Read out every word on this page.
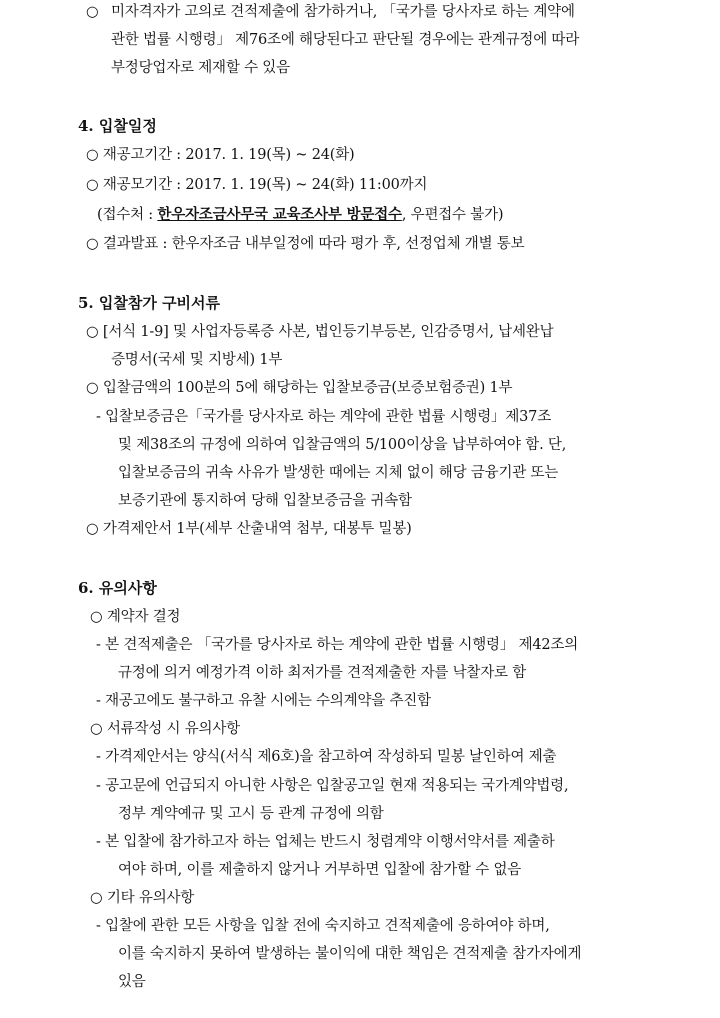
○ 미자격자가 고의로 견적제출에 참가하거나, 「국가를 당사자로 하는 계약에
관한 법률 시행령」 제76조에 해당된다고 판단될 경우에는 관계규정에 따라
부정당업자로 제재할 수 있음
4. 입찰일정
○ 재공고기간 : 2017. 1. 19(목) ~ 24(화)
○ 재공모기간 : 2017. 1. 19(목) ~ 24(화) 11:00까지
(접수처 : 한우자조금사무국 교육조사부 방문접수, 우편접수 불가)
○ 결과발표 : 한우자조금 내부일정에 따라 평가 후, 선정업체 개별 통보
5. 입찰참가 구비서류
○ [서식 1-9] 및 사업자등록증 사본, 법인등기부등본, 인감증명서, 납세완납
증명서(국세 및 지방세) 1부
○ 입찰금액의 100분의 5에 해당하는 입찰보증금(보증보험증권) 1부
- 입찰보증금은「국가를 당사자로 하는 계약에 관한 법률 시행령」제37조
및 제38조의 규정에 의하여 입찰금액의 5/100이상을 납부하여야 함. 단,
입찰보증금의 귀속 사유가 발생한 때에는 지체 없이 해당 금융기관 또는
보증기관에 통지하여 당해 입찰보증금을 귀속함
○ 가격제안서 1부(세부 산출내역 첨부, 대봉투 밀봉)
6. 유의사항
○ 계약자 결정
- 본 견적제출은 「국가를 당사자로 하는 계약에 관한 법률 시행령」 제42조의
규정에 의거 예정가격 이하 최저가를 견적제출한 자를 낙찰자로 함
- 재공고에도 불구하고 유찰 시에는 수의계약을 추진함
○ 서류작성 시 유의사항
- 가격제안서는 양식(서식 제6호)을 참고하여 작성하되 밀봉 날인하여 제출
- 공고문에 언급되지 아니한 사항은 입찰공고일 현재 적용되는 국가계약법령,
정부 계약예규 및 고시 등 관계 규정에 의함
- 본 입찰에 참가하고자 하는 업체는 반드시 청렴계약 이행서약서를 제출하
여야 하며, 이를 제출하지 않거나 거부하면 입찰에 참가할 수 없음
○ 기타 유의사항
- 입찰에 관한 모든 사항을 입찰 전에 숙지하고 견적제출에 응하여야 하며,
이를 숙지하지 못하여 발생하는 불이익에 대한 책임은 견적제출 참가자에게
있음
